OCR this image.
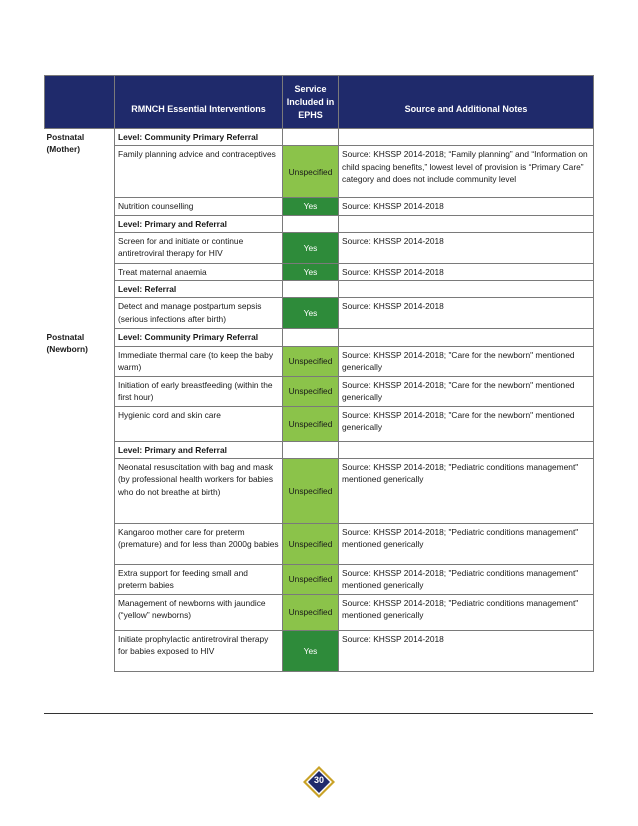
	RMNCH Essential Interventions	Service Included in EPHS	Source and Additional Notes
Postnatal (Mother)	Level: Community Primary Referral		
	Family planning advice and contraceptives	Unspecified	Source: KHSSP 2014-2018; “Family planning” and “Information on child spacing benefits,” lowest level of provision is “Primary Care” category and does not include community level
	Nutrition counselling	Yes	Source: KHSSP 2014-2018
	Level: Primary and Referral		
	Screen for and initiate or continue antiretroviral therapy for HIV	Yes	Source: KHSSP 2014-2018
	Treat maternal anaemia	Yes	Source: KHSSP 2014-2018
	Level: Referral		
	Detect and manage postpartum sepsis (serious infections after birth)	Yes	Source: KHSSP 2014-2018
Postnatal (Newborn)	Level: Community Primary Referral		
	Immediate thermal care (to keep the baby warm)	Unspecified	Source: KHSSP 2014-2018; "Care for the newborn" mentioned generically
	Initiation of early breastfeeding (within the first hour)	Unspecified	Source: KHSSP 2014-2018; "Care for the newborn" mentioned generically
	Hygienic cord and skin care	Unspecified	Source: KHSSP 2014-2018; "Care for the newborn" mentioned generically
	Level: Primary and Referral		
	Neonatal resuscitation with bag and mask (by professional health workers for babies who do not breathe at birth)	Unspecified	Source: KHSSP 2014-2018; "Pediatric conditions management" mentioned generically
	Kangaroo mother care for preterm (premature) and for less than 2000g babies	Unspecified	Source: KHSSP 2014-2018; "Pediatric conditions management" mentioned generically
	Extra support for feeding small and preterm babies	Unspecified	Source: KHSSP 2014-2018; "Pediatric conditions management" mentioned generically
	Management of newborns with jaundice (“yellow” newborns)	Unspecified	Source: KHSSP 2014-2018; "Pediatric conditions management" mentioned generically
	Initiate prophylactic antiretroviral therapy for babies exposed to HIV	Yes	Source: KHSSP 2014-2018
30
